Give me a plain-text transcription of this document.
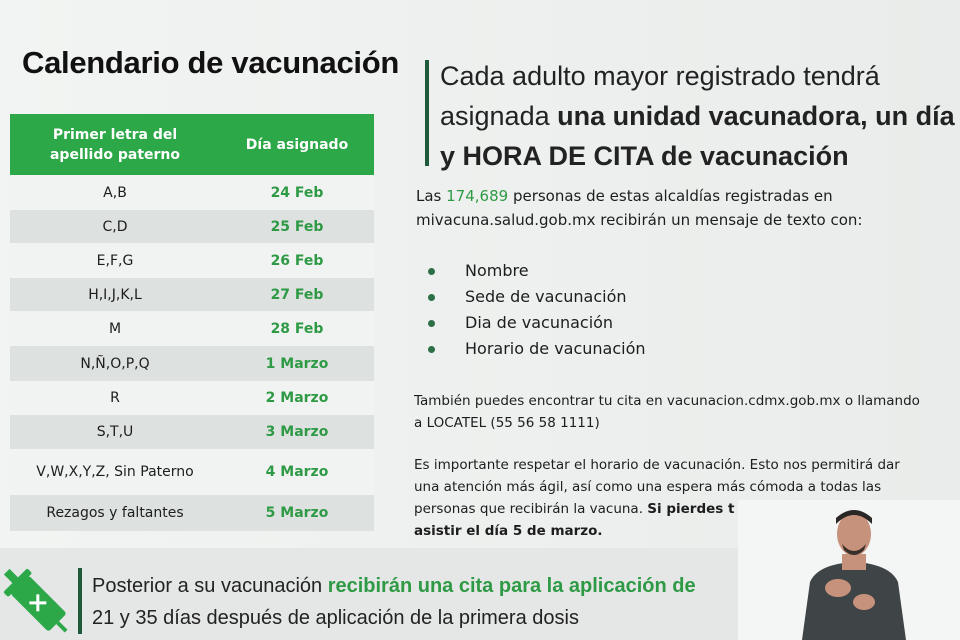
Calendario de vacunación
Primer letra del
apellido paterno
Día asignado
A,B	24 Feb
C,D	25 Feb
E,F,G	26 Feb
H,I,J,K,L	27 Feb
M	28 Feb
N,Ñ,O,P,Q	1 Marzo
R	2 Marzo
S,T,U	3 Marzo
V,W,X,Y,Z, Sin Paterno	4 Marzo
Rezagos y faltantes	5 Marzo
Cada adulto mayor registrado tendrá
asignada una unidad vacunadora, un día
y HORA DE CITA de vacunación
Las 174,689 personas de estas alcaldías registradas en
mivacuna.salud.gob.mx recibirán un mensaje de texto con:
Nombre
Sede de vacunación
Dia de vacunación
Horario de vacunación
También puedes encontrar tu cita en vacunacion.cdmx.gob.mx o llamando
a LOCATEL (55 56 58 1111)
Es importante respetar el horario de vacunación. Esto nos permitirá dar
una atención más ágil, así como una espera más cómoda a todas las
personas que recibirán la vacuna. Si pierdes t
asistir el día 5 de marzo.
Posterior a su vacunación recibirán una cita para la aplicación de
21 y 35 días después de aplicación de la primera dosis
